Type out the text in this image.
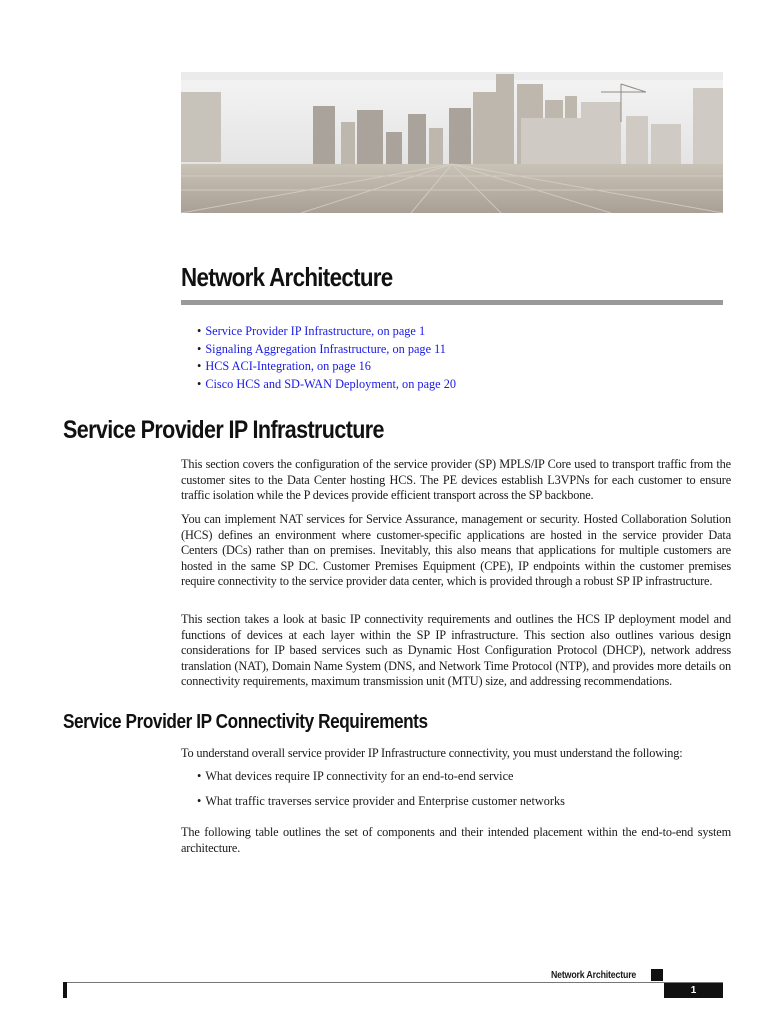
Network Architecture
• Service Provider IP Infrastructure, on page 1
• Signaling Aggregation Infrastructure, on page 11
• HCS ACI-Integration, on page 16
• Cisco HCS and SD-WAN Deployment, on page 20
Service Provider IP Infrastructure

This section covers the configuration of the service provider (SP) MPLS/IP Core used to transport traffic from the customer sites to the Data Center hosting HCS. The PE devices establish L3VPNs for each customer to ensure traffic isolation while the P devices provide efficient transport across the SP backbone.

You can implement NAT services for Service Assurance, management or security. Hosted Collaboration Solution (HCS) defines an environment where customer-specific applications are hosted in the service provider Data Centers (DCs) rather than on premises. Inevitably, this also means that applications for multiple customers are hosted in the same SP DC. Customer Premises Equipment (CPE), IP endpoints within the customer premises require connectivity to the service provider data center, which is provided through a robust SP IP infrastructure.

This section takes a look at basic IP connectivity requirements and outlines the HCS IP deployment model and functions of devices at each layer within the SP IP infrastructure. This section also outlines various design considerations for IP based services such as Dynamic Host Configuration Protocol (DHCP), network address translation (NAT), Domain Name System (DNS, and Network Time Protocol (NTP), and provides more details on connectivity requirements, maximum transmission unit (MTU) size, and addressing recommendations.

Service Provider IP Connectivity Requirements

To understand overall service provider IP Infrastructure connectivity, you must understand the following:

• What devices require IP connectivity for an end-to-end service
• What traffic traverses service provider and Enterprise customer networks

The following table outlines the set of components and their intended placement within the end-to-end system architecture.

Network Architecture
1
